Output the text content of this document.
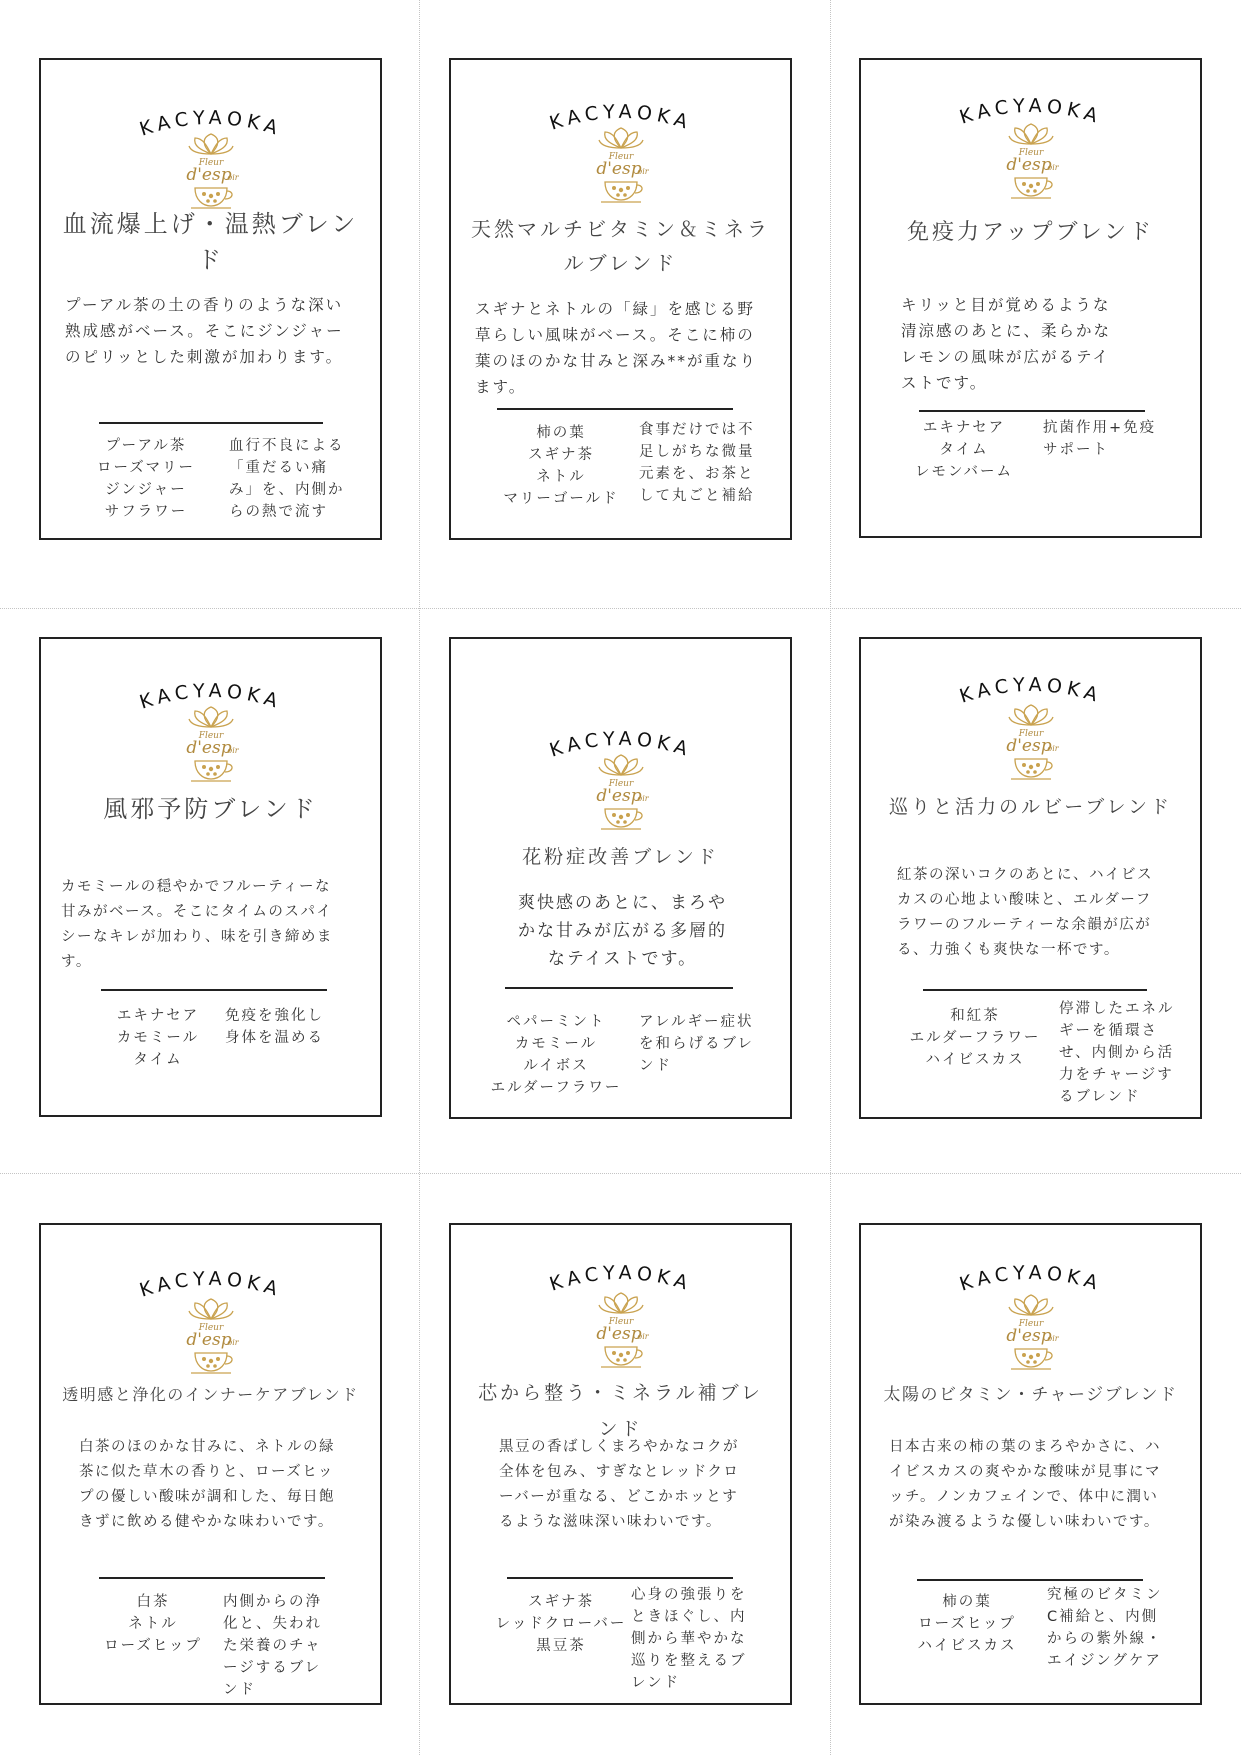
KACYAOKA
血流爆上げ・温熱ブレンド
プーアル茶の土の香りのような深い
熟成感がベース。そこにジンジャー
のピリッとした刺激が加わります。
プーアル茶
ローズマリー
ジンジャー
サフラワー
血行不良による
「重だるい痛
み」を、内側か
らの熱で流す
KACYAOKA
天然マルチビタミン＆ミネラルブレンド
スギナとネトルの「緑」を感じる野
草らしい風味がベース。そこに柿の
葉のほのかな甘みと深み**が重なり
ます。
柿の葉
スギナ茶
ネトル
マリーゴールド
食事だけでは不
足しがちな微量
元素を、お茶と
して丸ごと補給
KACYAOKA
免疫力アップブレンド
キリッと目が覚めるような
清涼感のあとに、柔らかな
レモンの風味が広がるテイ
ストです。
エキナセア
タイム
レモンバーム
抗菌作用+免疫
サポート
KACYAOKA
風邪予防ブレンド
カモミールの穏やかでフルーティーな
甘みがベース。そこにタイムのスパイ
シーなキレが加わり、味を引き締めま
す。
エキナセア
カモミール
タイム
免疫を強化し
身体を温める
KACYAOKA
花粉症改善ブレンド
爽快感のあとに、まろや
かな甘みが広がる多層的
なテイストです。
ペパーミント
カモミール
ルイボス
エルダーフラワー
アレルギー症状
を和らげるブレ
ンド
KACYAOKA
巡りと活力のルビーブレンド
紅茶の深いコクのあとに、ハイビス
カスの心地よい酸味と、エルダーフ
ラワーのフルーティーな余韻が広が
る、力強くも爽快な一杯です。
和紅茶
エルダーフラワー
ハイビスカス
停滞したエネル
ギーを循環さ
せ、内側から活
力をチャージす
るブレンド
KACYAOKA
透明感と浄化のインナーケアブレンド
白茶のほのかな甘みに、ネトルの緑
茶に似た草木の香りと、ローズヒッ
プの優しい酸味が調和した、毎日飽
きずに飲める健やかな味わいです。
白茶
ネトル
ローズヒップ
内側からの浄
化と、失われ
た栄養のチャ
ージするブレ
ンド
KACYAOKA
芯から整う・ミネラル補ブレンド
黒豆の香ばしくまろやかなコクが
全体を包み、すぎなとレッドクロ
ーバーが重なる、どこかホッとす
るような滋味深い味わいです。
スギナ茶
レッドクローバー
黒豆茶
心身の強張りを
ときほぐし、内
側から華やかな
巡りを整えるブ
レンド
KACYAOKA
太陽のビタミン・チャージブレンド
日本古来の柿の葉のまろやかさに、ハ
イビスカスの爽やかな酸味が見事にマ
ッチ。ノンカフェインで、体中に潤い
が染み渡るような優しい味わいです。
柿の葉
ローズヒップ
ハイビスカス
究極のビタミン
C補給と、内側
からの紫外線・
エイジングケア
